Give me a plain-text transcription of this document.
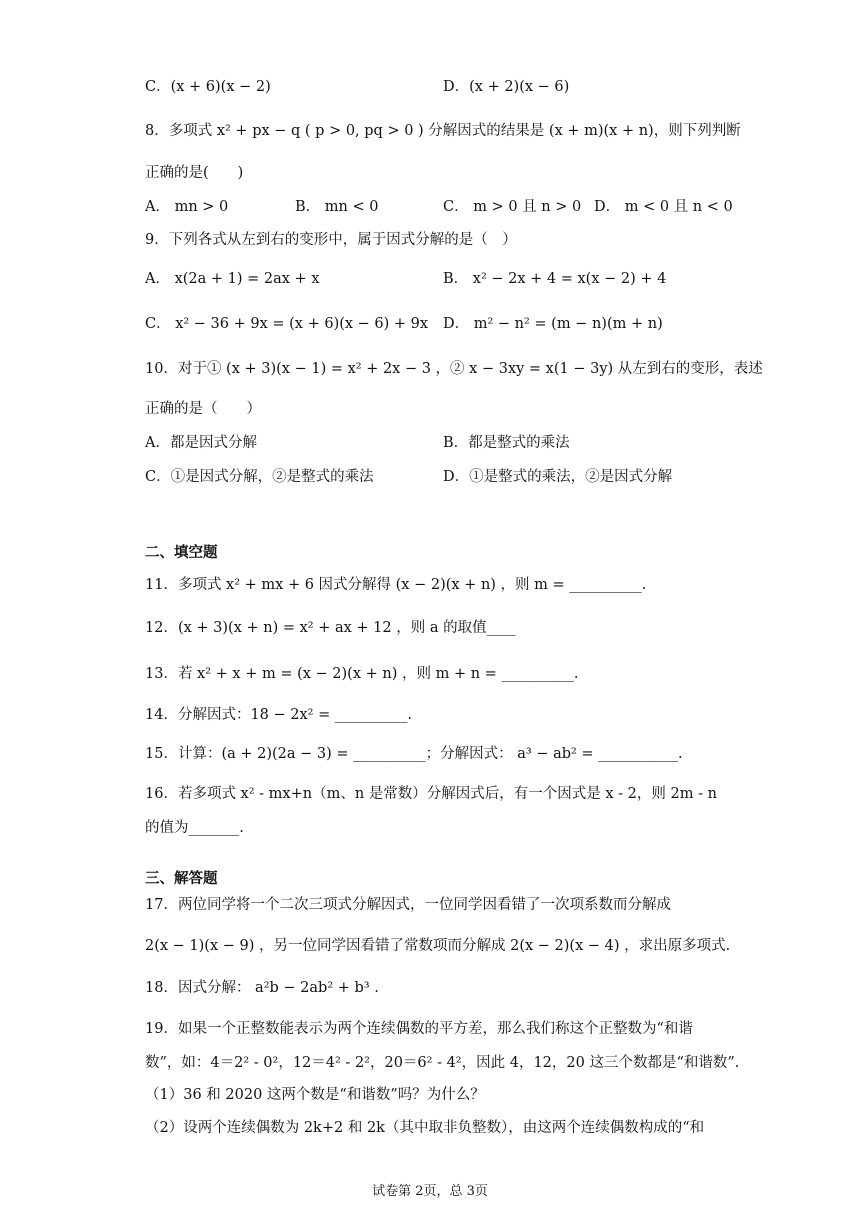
C．(x + 6)(x − 2)	D．(x + 2)(x − 6)
8．多项式 x² + px − q ( p > 0, pq > 0 ) 分解因式的结果是 (x + m)(x + n)，则下列判断
正确的是(　　)
A． mn > 0	B． mn < 0	C． m > 0 且 n > 0 D． m < 0 且 n < 0
9．下列各式从左到右的变形中，属于因式分解的是（　）
A． x(2a + 1) = 2ax + x	B． x² − 2x + 4 = x(x − 2) + 4
C． x² − 36 + 9x = (x + 6)(x − 6) + 9x D． m² − n² = (m − n)(m + n)
10．对于① (x + 3)(x − 1) = x² + 2x − 3 ，② x − 3xy = x(1 − 3y) 从左到右的变形，表述
正确的是（　　）
A．都是因式分解	B．都是整式的乘法
C．①是因式分解，②是整式的乘法	D．①是整式的乘法，②是因式分解
二、填空题
11．多项式 x² + mx + 6 因式分解得 (x − 2)(x + n) ，则 m = __________.
12．(x + 3)(x + n) = x² + ax + 12 ，则 a 的取值____
13．若 x² + x + m = (x − 2)(x + n) ，则 m + n = __________.
14．分解因式：18 − 2x² = __________.
15．计算：(a + 2)(2a − 3) = __________；分解因式： a³ − ab² = ___________.
16．若多项式 x² - mx+n（m、n 是常数）分解因式后，有一个因式是 x - 2，则 2m - n
的值为_______.
三、解答题
17．两位同学将一个二次三项式分解因式，一位同学因看错了一次项系数而分解成
2(x − 1)(x − 9) ，另一位同学因看错了常数项而分解成 2(x − 2)(x − 4) ，求出原多项式.
18．因式分解： a²b − 2ab² + b³ .
19．如果一个正整数能表示为两个连续偶数的平方差，那么我们称这个正整数为“和谐
数”，如：4＝2² - 0²，12＝4² - 2²，20＝6² - 4²，因此 4，12，20 这三个数都是“和谐数”.
（1）36 和 2020 这两个数是“和谐数”吗？为什么？
（2）设两个连续偶数为 2k+2 和 2k（其中取非负整数），由这两个连续偶数构成的“和
试卷第 2页，总 3页
